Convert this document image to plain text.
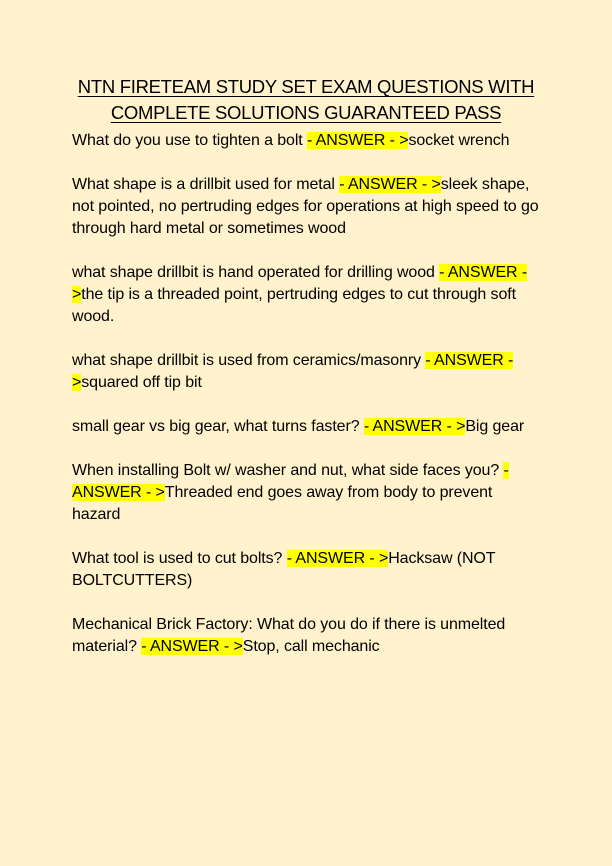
NTN FIRETEAM STUDY SET EXAM QUESTIONS WITH
COMPLETE SOLUTIONS GUARANTEED PASS

What do you use to tighten a bolt - ANSWER - >socket wrench

What shape is a drillbit used for metal - ANSWER - >sleek shape, not pointed, no pertruding edges for operations at high speed to go through hard metal or sometimes wood

what shape drillbit is hand operated for drilling wood - ANSWER - >the tip is a threaded point, pertruding edges to cut through soft wood.

what shape drillbit is used from ceramics/masonry - ANSWER - >squared off tip bit

small gear vs big gear, what turns faster? - ANSWER - >Big gear

When installing Bolt w/ washer and nut, what side faces you? - ANSWER - >Threaded end goes away from body to prevent hazard

What tool is used to cut bolts? - ANSWER - >Hacksaw (NOT BOLTCUTTERS)

Mechanical Brick Factory: What do you do if there is unmelted material? - ANSWER - >Stop, call mechanic
